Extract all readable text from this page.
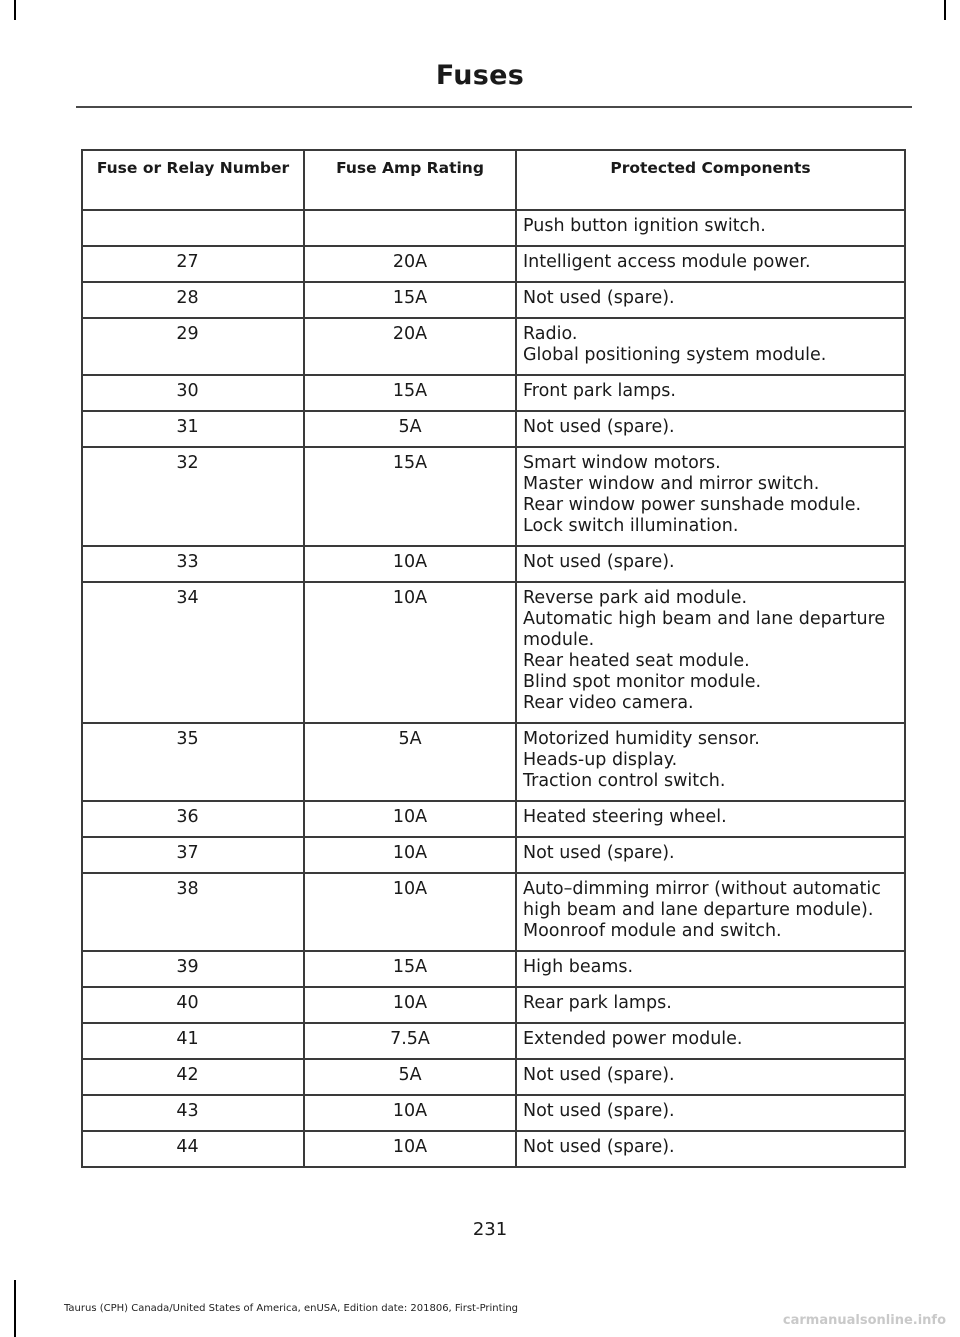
Fuses
Fuse or Relay Number	Fuse Amp Rating	Protected Components

		Push button ignition switch.

27	20A	Intelligent access module power.

28	15A	Not used (spare).

29	20A	Radio.
Global positioning system module.

30	15A	Front park lamps.

31	5A	Not used (spare).

32	15A	Smart window motors.
Master window and mirror switch.
Rear window power sunshade module.
Lock switch illumination.

33	10A	Not used (spare).

34	10A	Reverse park aid module.
Automatic high beam and lane departure module.
Rear heated seat module.
Blind spot monitor module.
Rear video camera.

35	5A	Motorized humidity sensor.
Heads-up display.
Traction control switch.

36	10A	Heated steering wheel.

37	10A	Not used (spare).

38	10A	Auto–dimming mirror (without automatic high beam and lane departure module).
Moonroof module and switch.

39	15A	High beams.

40	10A	Rear park lamps.

41	7.5A	Extended power module.

42	5A	Not used (spare).

43	10A	Not used (spare).

44	10A	Not used (spare).
231
Taurus (CPH) Canada/United States of America, enUSA, Edition date: 201806, First-Printing
carmanualsonline.info
